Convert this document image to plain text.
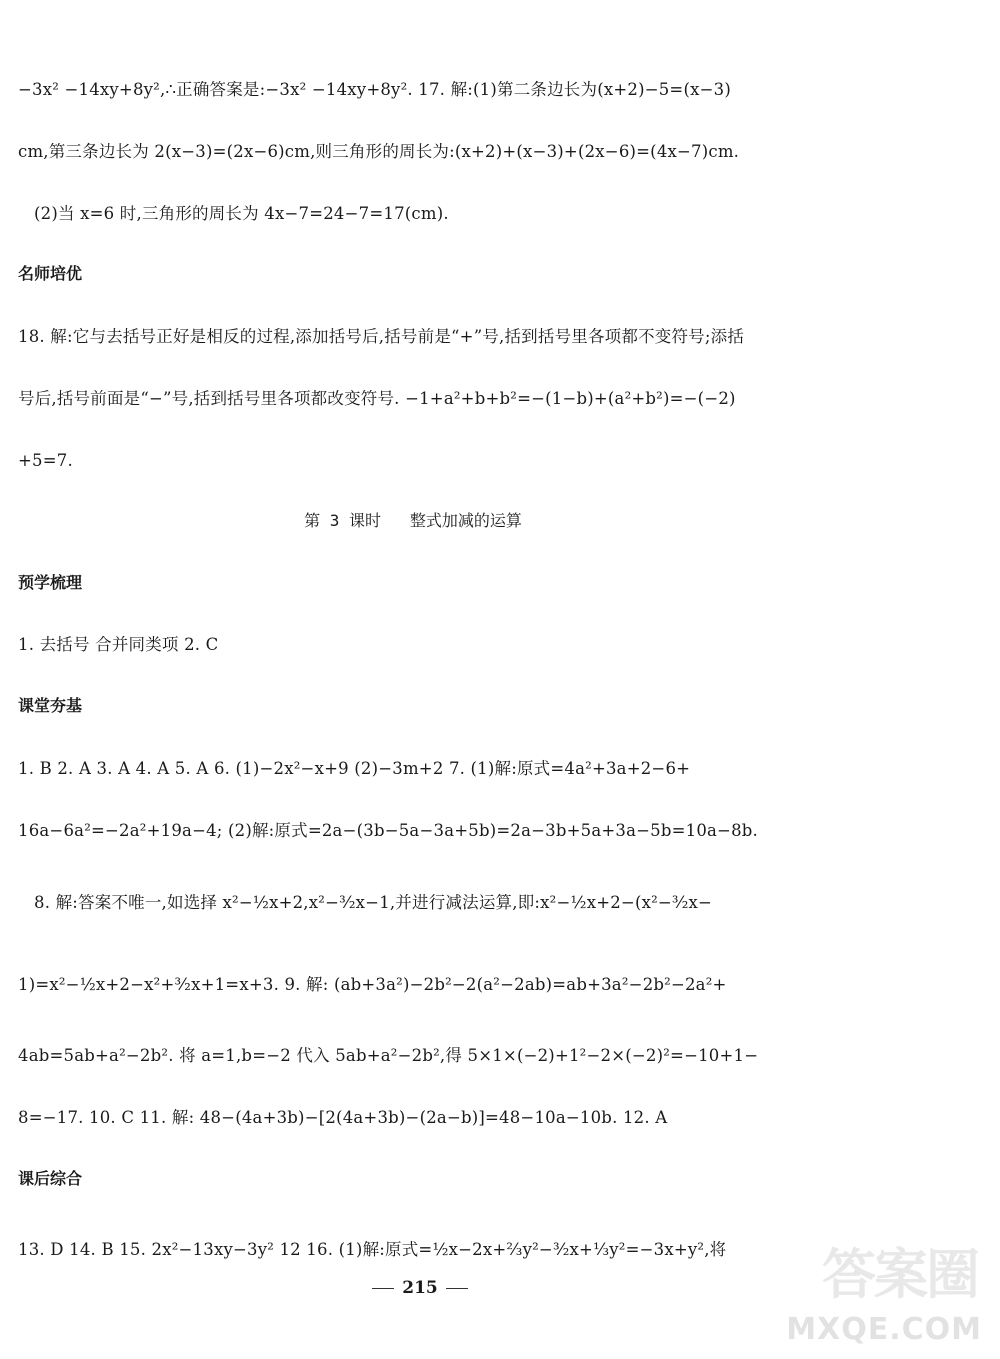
−3x² −14xy+8y²,∴正确答案是:−3x² −14xy+8y². 17. 解:(1)第二条边长为(x+2)−5=(x−3)
cm,第三条边长为 2(x−3)=(2x−6)cm,则三角形的周长为:(x+2)+(x−3)+(2x−6)=(4x−7)cm.
(2)当 x=6 时,三角形的周长为 4x−7=24−7=17(cm).
名师培优
18. 解:它与去括号正好是相反的过程,添加括号后,括号前是“+”号,括到括号里各项都不变符号;添括
号后,括号前面是“−”号,括到括号里各项都改变符号. −1+a²+b+b²=−(1−b)+(a²+b²)=−(−2)
+5=7.
第 3 课时   整式加减的运算
预学梳理
1. 去括号 合并同类项 2. C
课堂夯基
1. B 2. A 3. A 4. A 5. A 6. (1)−2x²−x+9 (2)−3m+2 7. (1)解:原式=4a²+3a+2−6+
16a−6a²=−2a²+19a−4; (2)解:原式=2a−(3b−5a−3a+5b)=2a−3b+5a+3a−5b=10a−8b.
8. 解:答案不唯一,如选择 x²−½x+2,x²−³⁄₂x−1,并进行减法运算,即:x²−½x+2−(x²−³⁄₂x−
1)=x²−½x+2−x²+³⁄₂x+1=x+3. 9. 解: (ab+3a²)−2b²−2(a²−2ab)=ab+3a²−2b²−2a²+
4ab=5ab+a²−2b². 将 a=1,b=−2 代入 5ab+a²−2b²,得 5×1×(−2)+1²−2×(−2)²=−10+1−
8=−17. 10. C 11. 解: 48−(4a+3b)−[2(4a+3b)−(2a−b)]=48−10a−10b. 12. A
课后综合
13. D 14. B 15. 2x²−13xy−3y² 12 16. (1)解:原式=½x−2x+⅔y²−³⁄₂x+⅓y²=−3x+y²,将
215	答案圈
MXQE.COM
